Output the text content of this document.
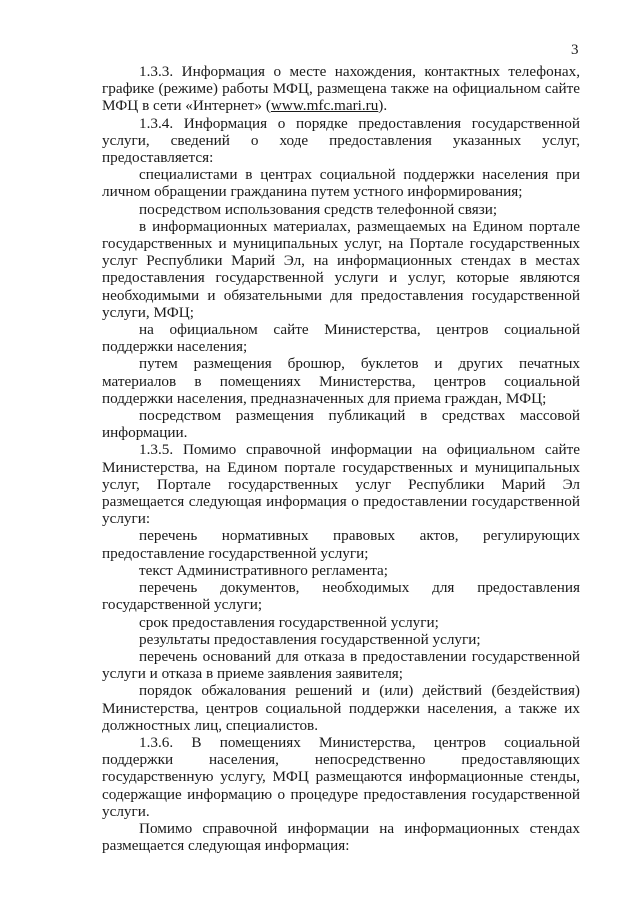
3

1.3.3. Информация о месте нахождения, контактных телефонах, графике (режиме) работы МФЦ, размещена также на официальном сайте МФЦ в сети «Интернет» (www.mfc.mari.ru).

1.3.4. Информация о порядке предоставления государственной услуги, сведений о ходе предоставления указанных услуг, предоставляется:

специалистами в центрах социальной поддержки населения при личном обращении гражданина путем устного информирования;

посредством использования средств телефонной связи;

в информационных материалах, размещаемых на Едином портале государственных и муниципальных услуг, на Портале государственных услуг Республики Марий Эл, на информационных стендах в местах предоставления государственной услуги и услуг, которые являются необходимыми и обязательными для предоставления государственной услуги, МФЦ;

на официальном сайте Министерства, центров социальной поддержки населения;

путем размещения брошюр, буклетов и других печатных материалов в помещениях Министерства, центров социальной поддержки населения, предназначенных для приема граждан, МФЦ;

посредством размещения публикаций в средствах массовой информации.

1.3.5. Помимо справочной информации на официальном сайте Министерства, на Едином портале государственных и муниципальных услуг, Портале государственных услуг Республики Марий Эл размещается следующая информация о предоставлении государственной услуги:

перечень нормативных правовых актов, регулирующих предоставление государственной услуги;

текст Административного регламента;

перечень документов, необходимых для предоставления государственной услуги;

срок предоставления государственной услуги;

результаты предоставления государственной услуги;

перечень оснований для отказа в предоставлении государственной услуги и отказа в приеме заявления заявителя;

порядок обжалования решений и (или) действий (бездействия) Министерства, центров социальной поддержки населения, а также их должностных лиц, специалистов.

1.3.6. В помещениях Министерства, центров социальной поддержки населения, непосредственно предоставляющих государственную услугу, МФЦ размещаются информационные стенды, содержащие информацию о процедуре предоставления государственной услуги.

Помимо справочной информации на информационных стендах размещается следующая информация:
